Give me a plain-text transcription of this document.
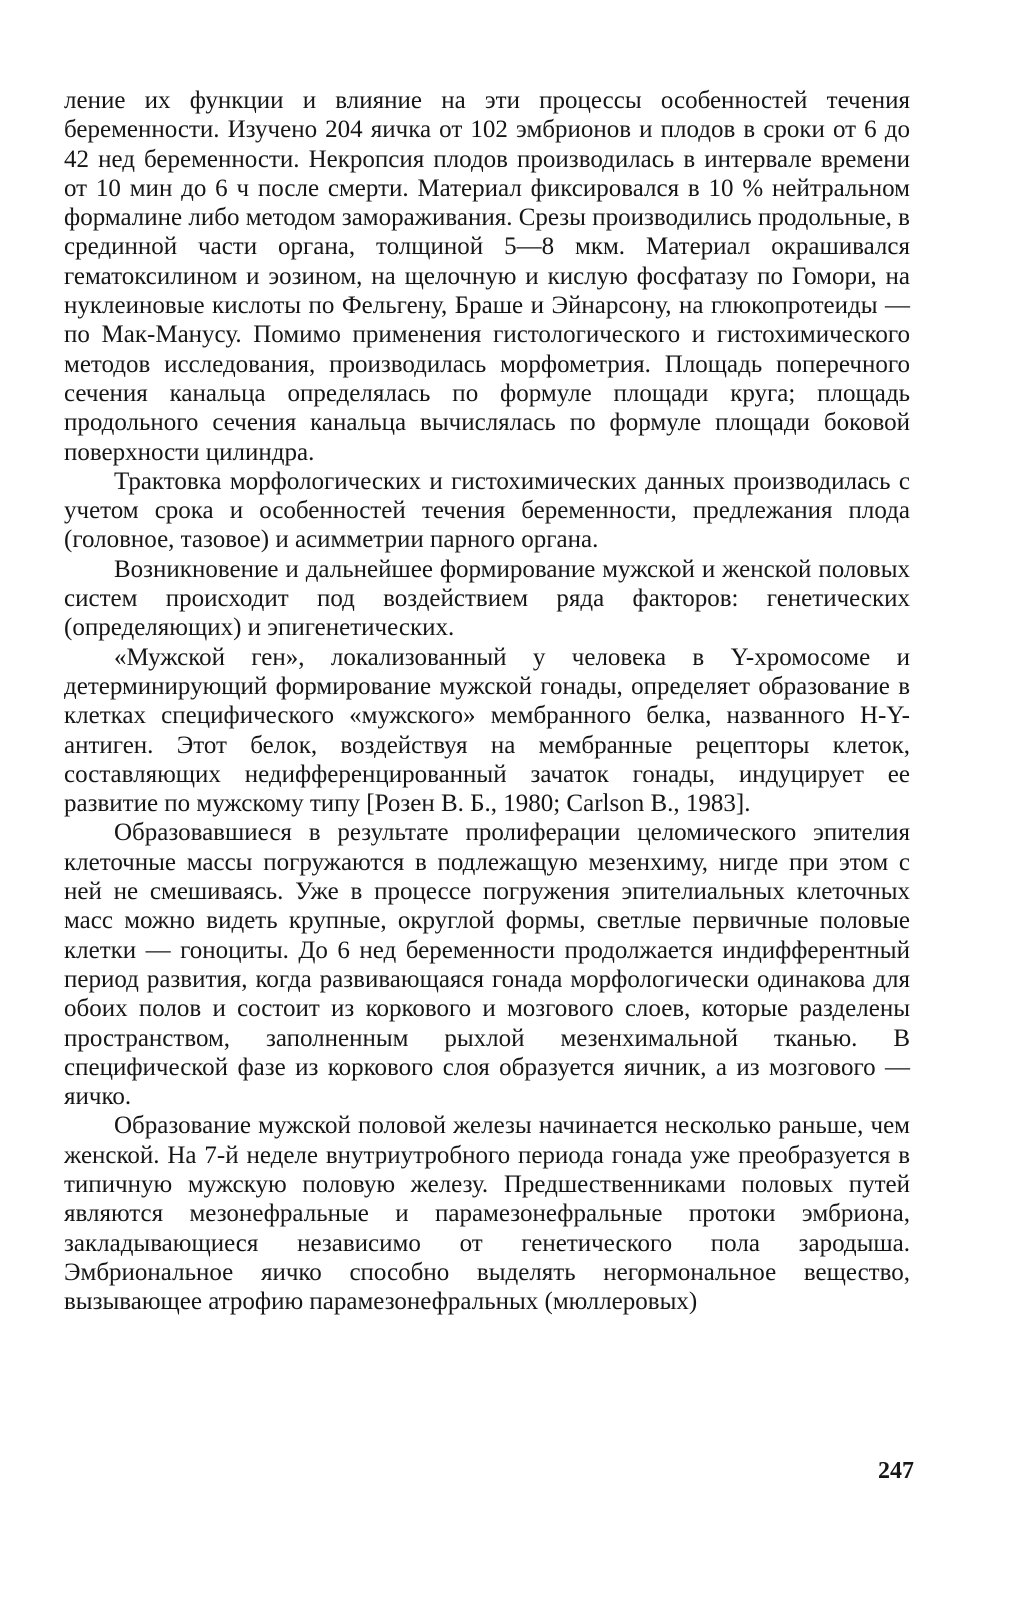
ление их функции и влияние на эти процессы особенностей течения беременности. Изучено 204 яичка от 102 эмбрионов и плодов в сроки от 6 до 42 нед беременности. Некропсия плодов производилась в интервале времени от 10 мин до 6 ч после смерти. Материал фиксировался в 10 % нейтральном формалине либо методом замораживания. Срезы производились продольные, в срединной части органа, толщиной 5—8 мкм. Материал окрашивался гематоксилином и эозином, на щелочную и кислую фосфатазу по Гомори, на нуклеиновые кислоты по Фельгену, Браше и Эйнарсону, на глюкопротеиды — по Мак-Манусу. Помимо применения гистологического и гистохимического методов исследования, производилась морфометрия. Площадь поперечного сечения канальца определялась по формуле площади круга; площадь продольного сечения канальца вычислялась по формуле площади боковой поверхности цилиндра.

Трактовка морфологических и гистохимических данных производилась с учетом срока и особенностей течения беременности, предлежания плода (головное, тазовое) и асимметрии парного органа.

Возникновение и дальнейшее формирование мужской и женской половых систем происходит под воздействием ряда факторов: генетических (определяющих) и эпигенетических.

«Мужской ген», локализованный у человека в Y-хромосоме и детерминирующий формирование мужской гонады, определяет образование в клетках специфического «мужского» мембранного белка, названного H-Y-антиген. Этот белок, воздействуя на мембранные рецепторы клеток, составляющих недифференцированный зачаток гонады, индуцирует ее развитие по мужскому типу [Розен В. Б., 1980; Carlson В., 1983].

Образовавшиеся в результате пролиферации целомического эпителия клеточные массы погружаются в подлежащую мезенхиму, нигде при этом с ней не смешиваясь. Уже в процессе погружения эпителиальных клеточных масс можно видеть крупные, округлой формы, светлые первичные половые клетки — гоноциты. До 6 нед беременности продолжается индифферентный период развития, когда развивающаяся гонада морфологически одинакова для обоих полов и состоит из коркового и мозгового слоев, которые разделены пространством, заполненным рыхлой мезенхимальной тканью. В специфической фазе из коркового слоя образуется яичник, а из мозгового — яичко.

Образование мужской половой железы начинается несколько раньше, чем женской. На 7-й неделе внутриутробного периода гонада уже преобразуется в типичную мужскую половую железу. Предшественниками половых путей являются мезонефральные и парамезонефральные протоки эмбриона, закладывающиеся независимо от генетического пола зародыша. Эмбриональное яичко способно выделять негормональное вещество, вызывающее атрофию парамезонефральных (мюллеровых)

247
